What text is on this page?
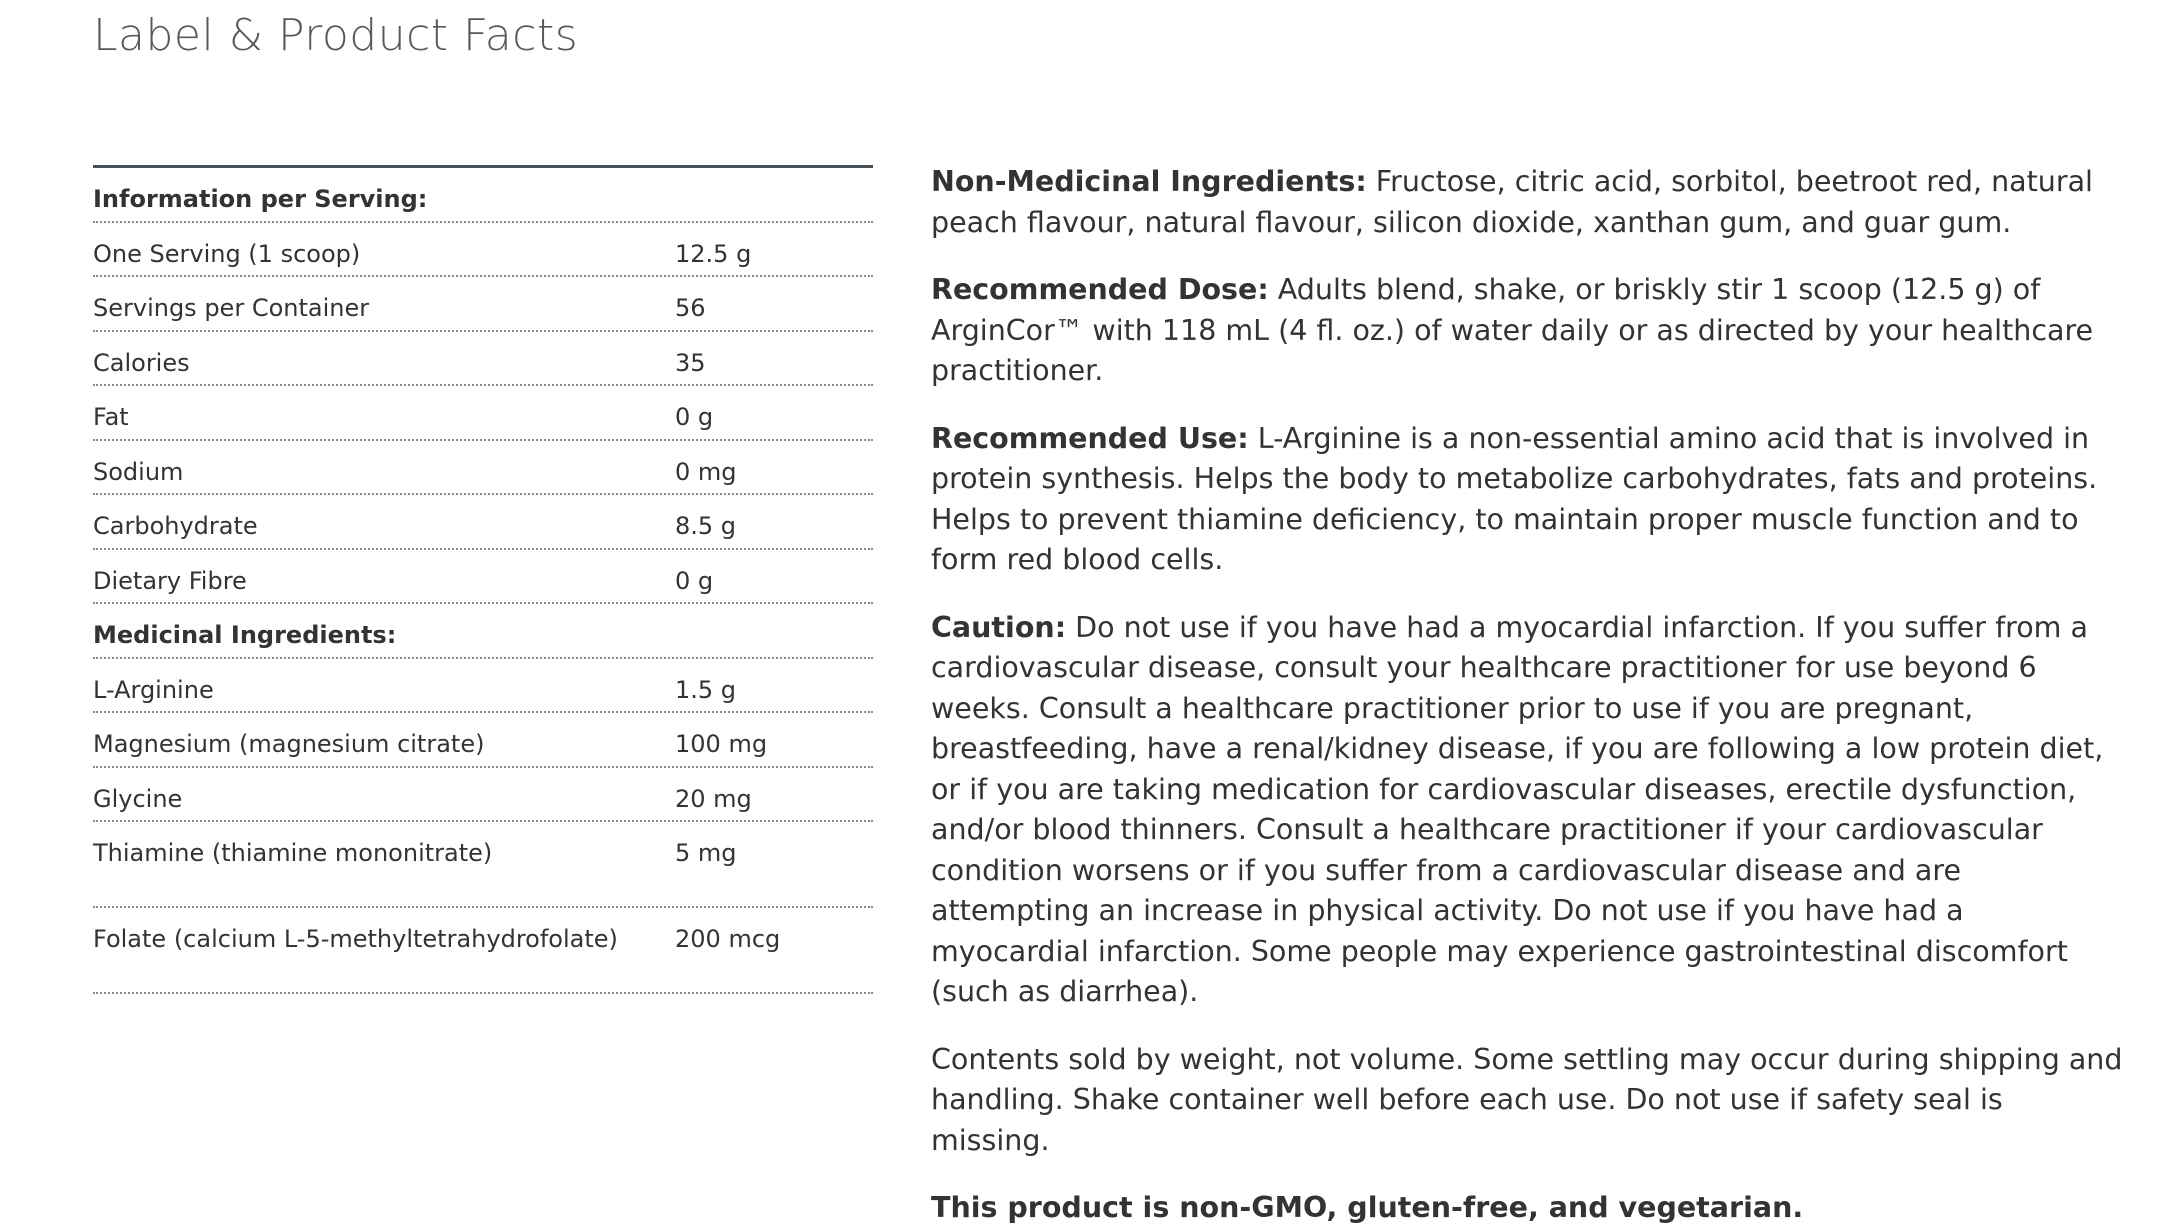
Label & Product Facts
Information per Serving:
One Serving (1 scoop)	12.5 g
Servings per Container	56
Calories	35
Fat	0 g
Sodium	0 mg
Carbohydrate	8.5 g
Dietary Fibre	0 g
Medicinal Ingredients:
L-Arginine	1.5 g
Magnesium (magnesium citrate)	100 mg
Glycine	20 mg
Thiamine (thiamine mononitrate)	5 mg
Folate (calcium L-5-methyltetrahydrofolate)	200 mcg

Non-Medicinal Ingredients: Fructose, citric acid, sorbitol, beetroot red, natural peach flavour, natural flavour, silicon dioxide, xanthan gum, and guar gum.

Recommended Dose: Adults blend, shake, or briskly stir 1 scoop (12.5 g) of ArginCor™ with 118 mL (4 fl. oz.) of water daily or as directed by your healthcare practitioner.

Recommended Use: L-Arginine is a non-essential amino acid that is involved in protein synthesis. Helps the body to metabolize carbohydrates, fats and proteins. Helps to prevent thiamine deficiency, to maintain proper muscle function and to form red blood cells.

Caution: Do not use if you have had a myocardial infarction. If you suffer from a cardiovascular disease, consult your healthcare practitioner for use beyond 6 weeks. Consult a healthcare practitioner prior to use if you are pregnant, breastfeeding, have a renal/kidney disease, if you are following a low protein diet, or if you are taking medication for cardiovascular diseases, erectile dysfunction, and/or blood thinners. Consult a healthcare practitioner if your cardiovascular condition worsens or if you suffer from a cardiovascular disease and are attempting an increase in physical activity. Do not use if you have had a myocardial infarction. Some people may experience gastrointestinal discomfort (such as diarrhea).

Contents sold by weight, not volume. Some settling may occur during shipping and handling. Shake container well before each use. Do not use if safety seal is missing.

This product is non-GMO, gluten-free, and vegetarian.
